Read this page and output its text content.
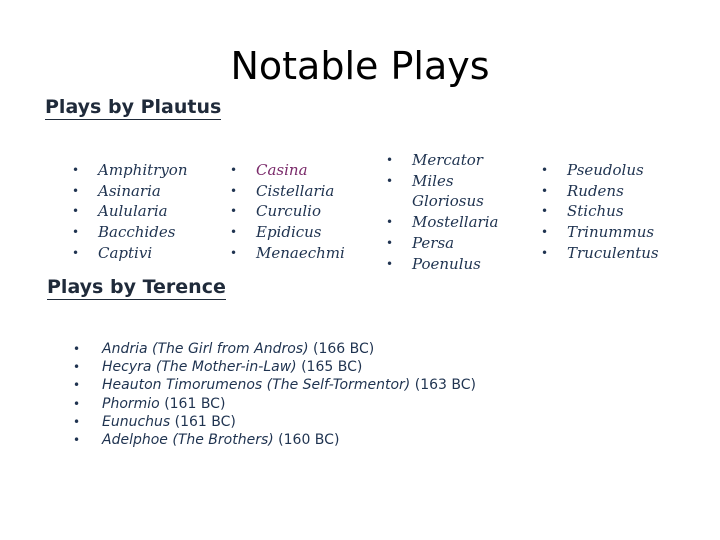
Notable Plays
Plays by Plautus
• Amphitryon
• Asinaria
• Aulularia
• Bacchides
• Captivi
• Casina
• Cistellaria
• Curculio
• Epidicus
• Menaechmi
• Mercator
• Miles
Gloriosus
• Mostellaria
• Persa
• Poenulus
• Pseudolus
• Rudens
• Stichus
• Trinummus
• Truculentus
Plays by Terence
• Andria (The Girl from Andros) (166 BC)
• Hecyra (The Mother-in-Law) (165 BC)
• Heauton Timorumenos (The Self-Tormentor) (163 BC)
• Phormio (161 BC)
• Eunuchus (161 BC)
• Adelphoe (The Brothers) (160 BC)
